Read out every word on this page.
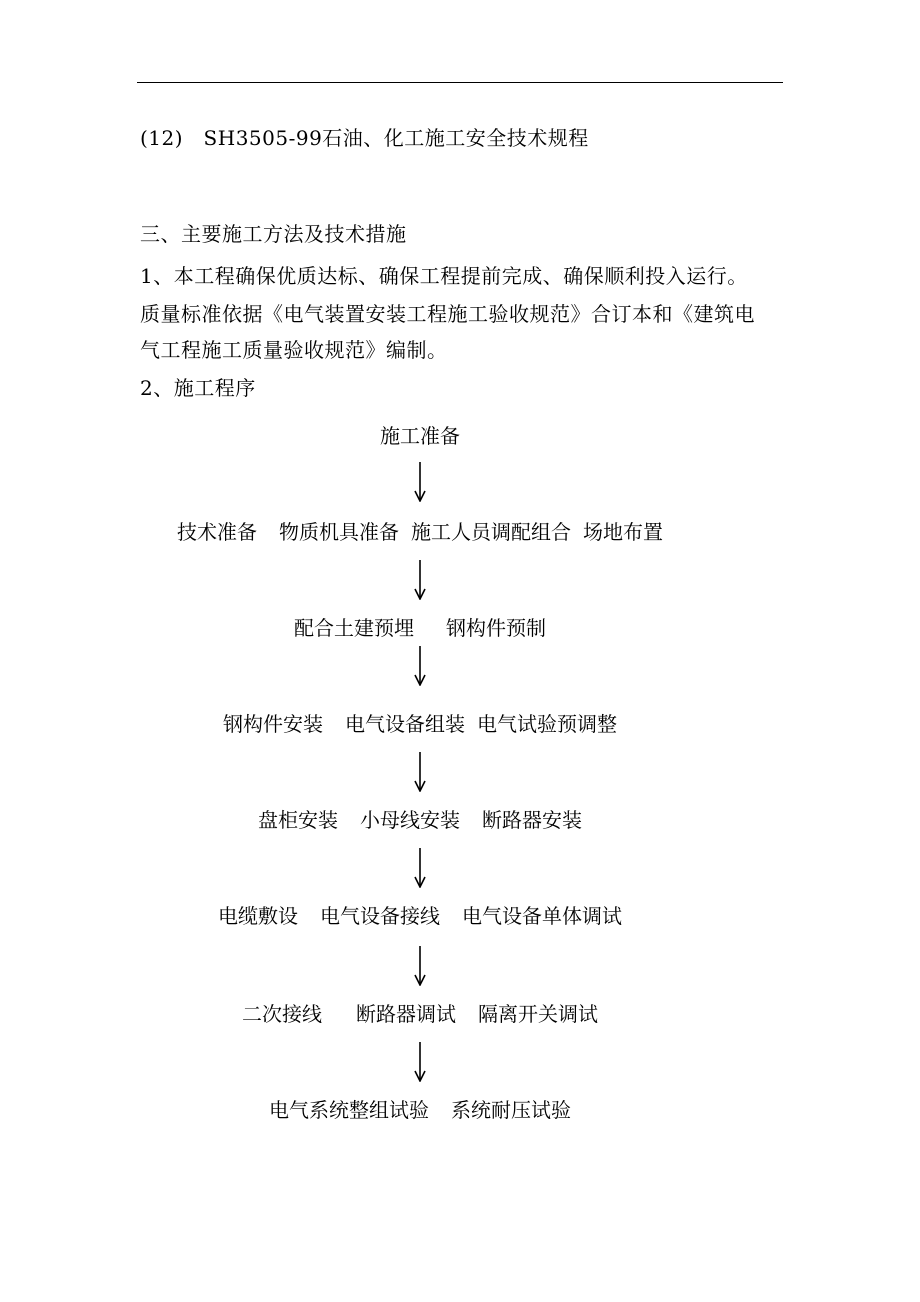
(12)　SH3505-99石油、化工施工安全技术规程
三、主要施工方法及技术措施
1、本工程确保优质达标、确保工程提前完成、确保顺利投入运行。
质量标准依据《电气装置安装工程施工验收规范》合订本和《建筑电
气工程施工质量验收规范》编制。
2、施工程序
施工准备
技术准备 物质机具准备 施工人员调配组合 场地布置
配合土建预埋 钢构件预制
钢构件安装 电气设备组装 电气试验预调整
盘柜安装 小母线安装 断路器安装
电缆敷设 电气设备接线 电气设备单体调试
二次接线 断路器调试 隔离开关调试
电气系统整组试验 系统耐压试验
